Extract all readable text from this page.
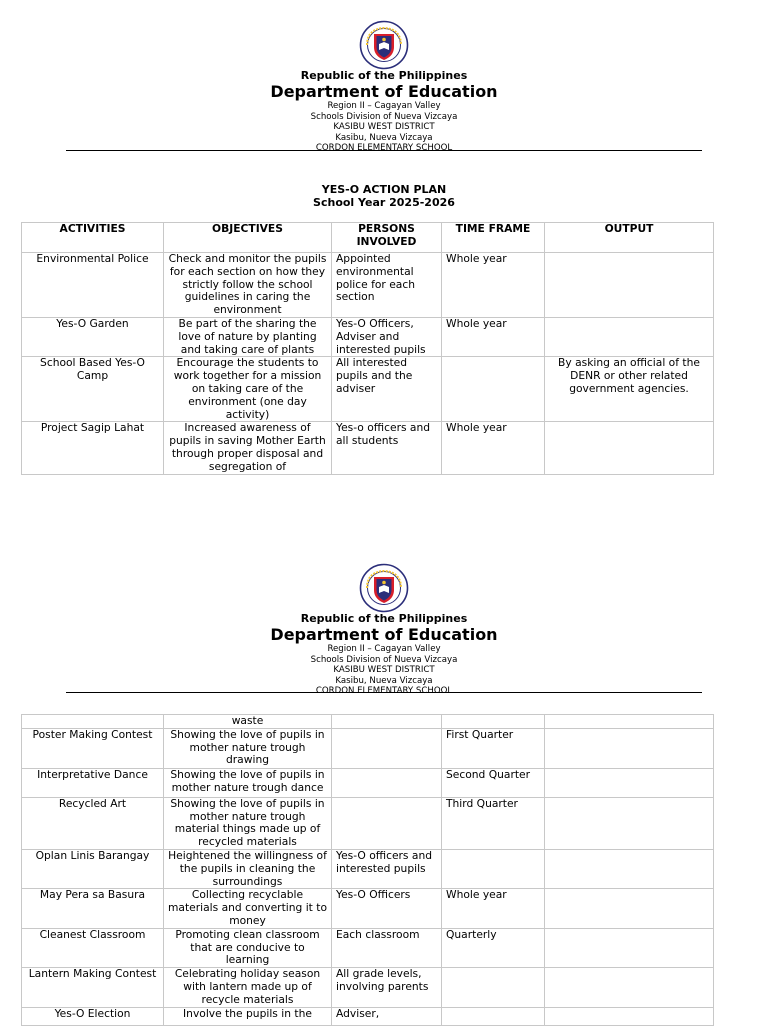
Republic of the Philippines
Department of Education
Region II – Cagayan Valley
Schools Division of Nueva Vizcaya
KASIBU WEST DISTRICT
Kasibu, Nueva Vizcaya
CORDON ELEMENTARY SCHOOL
YES-O ACTION PLAN
School Year 2025-2026
ACTIVITIES	OBJECTIVES	PERSONS INVOLVED	TIME FRAME	OUTPUT
Environmental Police	Check and monitor the pupils for each section on how they strictly follow the school guidelines in caring the environment	Appointed environmental police for each section	Whole year	
Yes-O Garden	Be part of the sharing the love of nature by planting and taking care of plants	Yes-O Officers, Adviser and interested pupils	Whole year	
School Based Yes-O Camp	Encourage the students to work together for a mission on taking care of the environment (one day activity)	All interested pupils and the adviser		By asking an official of the DENR or other related government agencies.
Project Sagip Lahat	Increased awareness of pupils in saving Mother Earth through proper disposal and segregation of	Yes-o officers and all students	Whole year	
Republic of the Philippines
Department of Education
Region II – Cagayan Valley
Schools Division of Nueva Vizcaya
KASIBU WEST DISTRICT
Kasibu, Nueva Vizcaya
CORDON ELEMENTARY SCHOOL
	waste			
Poster Making Contest	Showing the love of pupils in mother nature trough drawing		First Quarter	
Interpretative Dance	Showing the love of pupils in mother nature trough dance		Second Quarter	
Recycled Art	Showing the love of pupils in mother nature trough material things made up of recycled materials		Third Quarter	
Oplan Linis Barangay	Heightened the willingness of the pupils in cleaning the surroundings	Yes-O officers and interested pupils		
May Pera sa Basura	Collecting recyclable materials and converting it to money	Yes-O Officers	Whole year	
Cleanest Classroom	Promoting clean classroom that are conducive to learning	Each classroom	Quarterly	
Lantern Making Contest	Celebrating holiday season with lantern made up of recycle materials	All grade levels, involving parents		
Yes-O Election	Involve the pupils in the	Adviser,		
